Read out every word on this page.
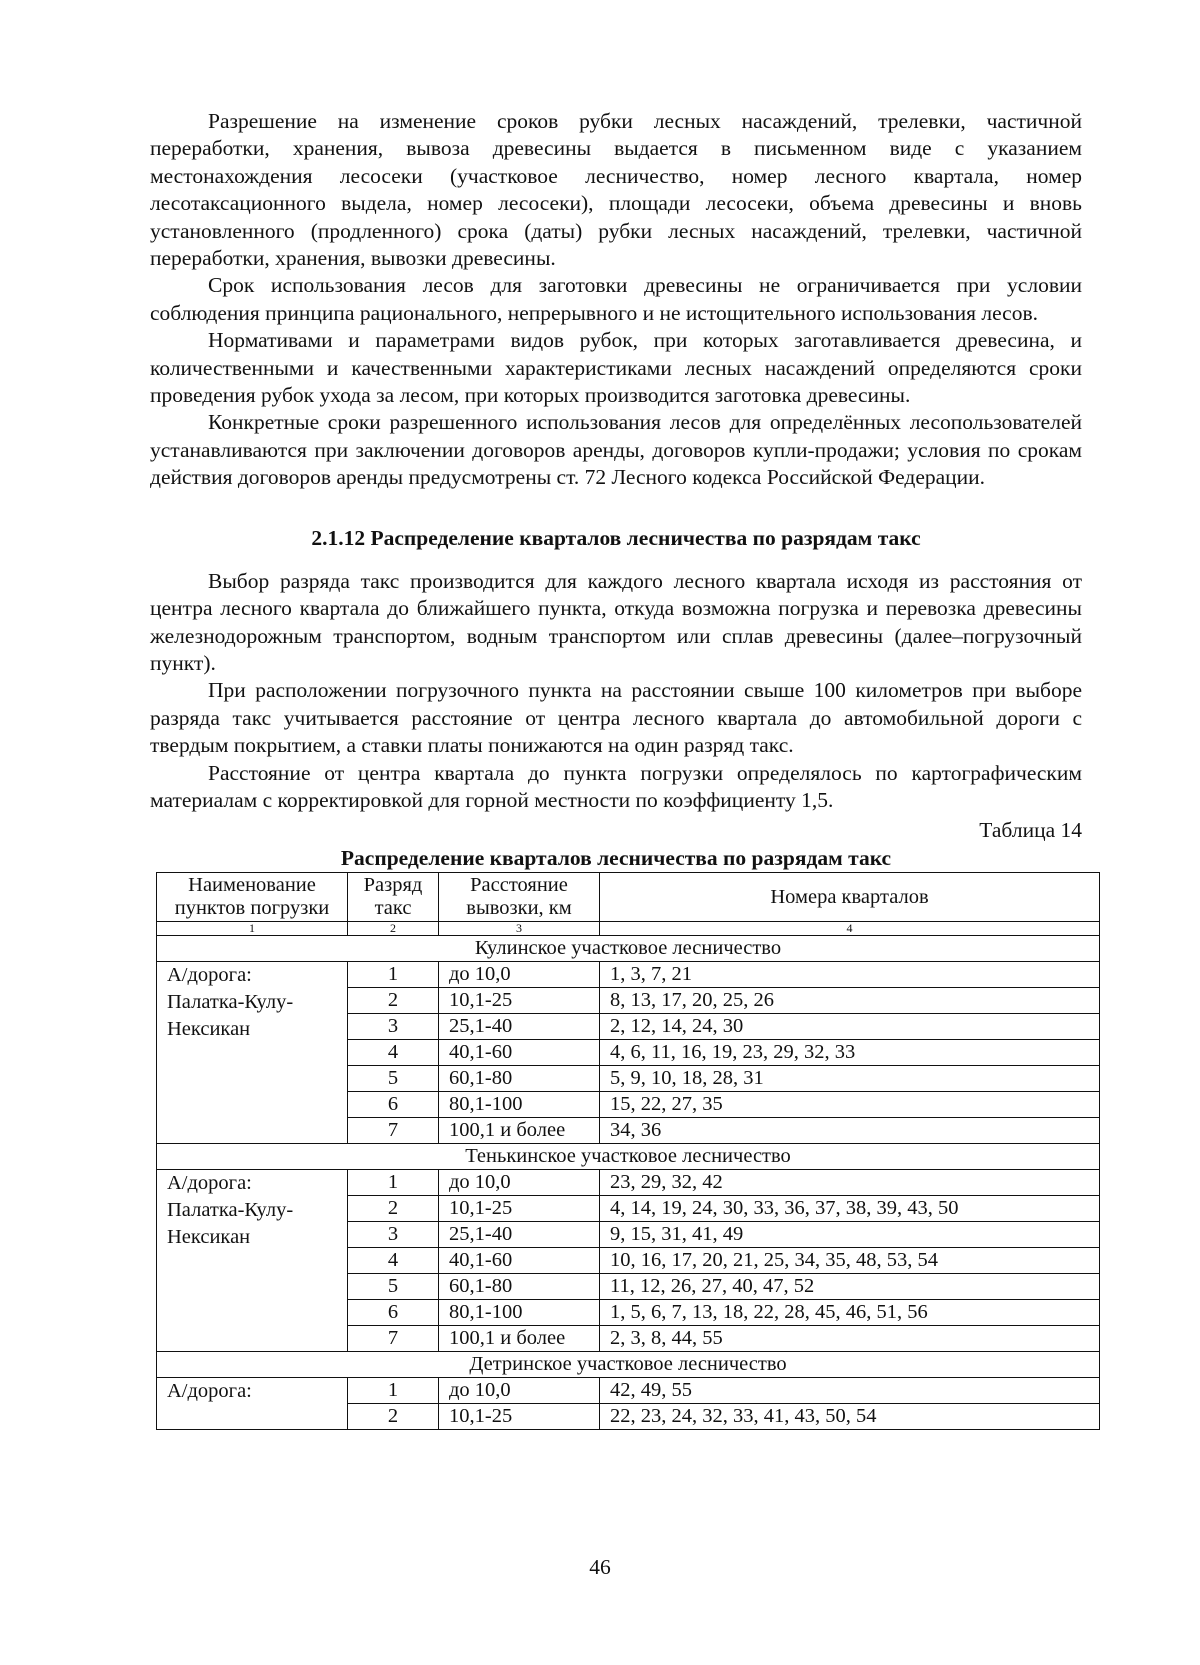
Разрешение на изменение сроков рубки лесных насаждений, трелевки, частичной переработки, хранения, вывоза древесины выдается в письменном виде с указанием местонахождения лесосеки (участковое лесничество, номер лесного квартала, номер лесотаксационного выдела, номер лесосеки), площади лесосеки, объема древесины и вновь установленного (продленного) срока (даты) рубки лесных насаждений, трелевки, частичной переработки, хранения, вывозки древесины.

Срок использования лесов для заготовки древесины не ограничивается при условии соблюдения принципа рационального, непрерывного и не истощительного использования лесов.

Нормативами и параметрами видов рубок, при которых заготавливается древесина, и количественными и качественными характеристиками лесных насаждений определяются сроки проведения рубок ухода за лесом, при которых производится заготовка древесины.

Конкретные сроки разрешенного использования лесов для определённых лесопользователей устанавливаются при заключении договоров аренды, договоров купли-продажи; условия по срокам действия договоров аренды предусмотрены ст. 72 Лесного кодекса Российской Федерации.

2.1.12 Распределение кварталов лесничества по разрядам такс

Выбор разряда такс производится для каждого лесного квартала исходя из расстояния от центра лесного квартала до ближайшего пункта, откуда возможна погрузка и перевозка древесины железнодорожным транспортом, водным транспортом или сплав древесины (далее–погрузочный пункт).

При расположении погрузочного пункта на расстоянии свыше 100 километров при выборе разряда такс учитывается расстояние от центра лесного квартала до автомобильной дороги с твердым покрытием, а ставки платы понижаются на один разряд такс.

Расстояние от центра квартала до пункта погрузки определялось по картографическим материалам с корректировкой для горной местности по коэффициенту 1,5.

Таблица 14

Распределение кварталов лесничества по разрядам такс

Наименование пунктов погрузки	Разряд такс	Расстояние вывозки, км	Номера кварталов
1	2	3	4
Кулинское участковое лесничество			

А/дорога:
Палатка-Кулу-
Нексикан	1	до 10,0	1, 3, 7, 21
	2	10,1-25	8, 13, 17, 20, 25, 26
	3	25,1-40	2, 12, 14, 24, 30
	4	40,1-60	4, 6, 11, 16, 19, 23, 29, 32, 33
	5	60,1-80	5, 9, 10, 18, 28, 31
	6	80,1-100	15, 22, 27, 35
	7	100,1 и более	34, 36
Тенькинское участковое лесничество			

А/дорога:
Палатка-Кулу-
Нексикан	1	до 10,0	23, 29, 32, 42
	2	10,1-25	4, 14, 19, 24, 30, 33, 36, 37, 38, 39, 43, 50
	3	25,1-40	9, 15, 31, 41, 49
	4	40,1-60	10, 16, 17, 20, 21, 25, 34, 35, 48, 53, 54
	5	60,1-80	11, 12, 26, 27, 40, 47, 52
	6	80,1-100	1, 5, 6, 7, 13, 18, 22, 28, 45, 46, 51, 56
	7	100,1 и более	2, 3, 8, 44, 55
Детринское участковое лесничество			

А/дорога:	1	до 10,0	42, 49, 55
	2	10,1-25	22, 23, 24, 32, 33, 41, 43, 50, 54
46
